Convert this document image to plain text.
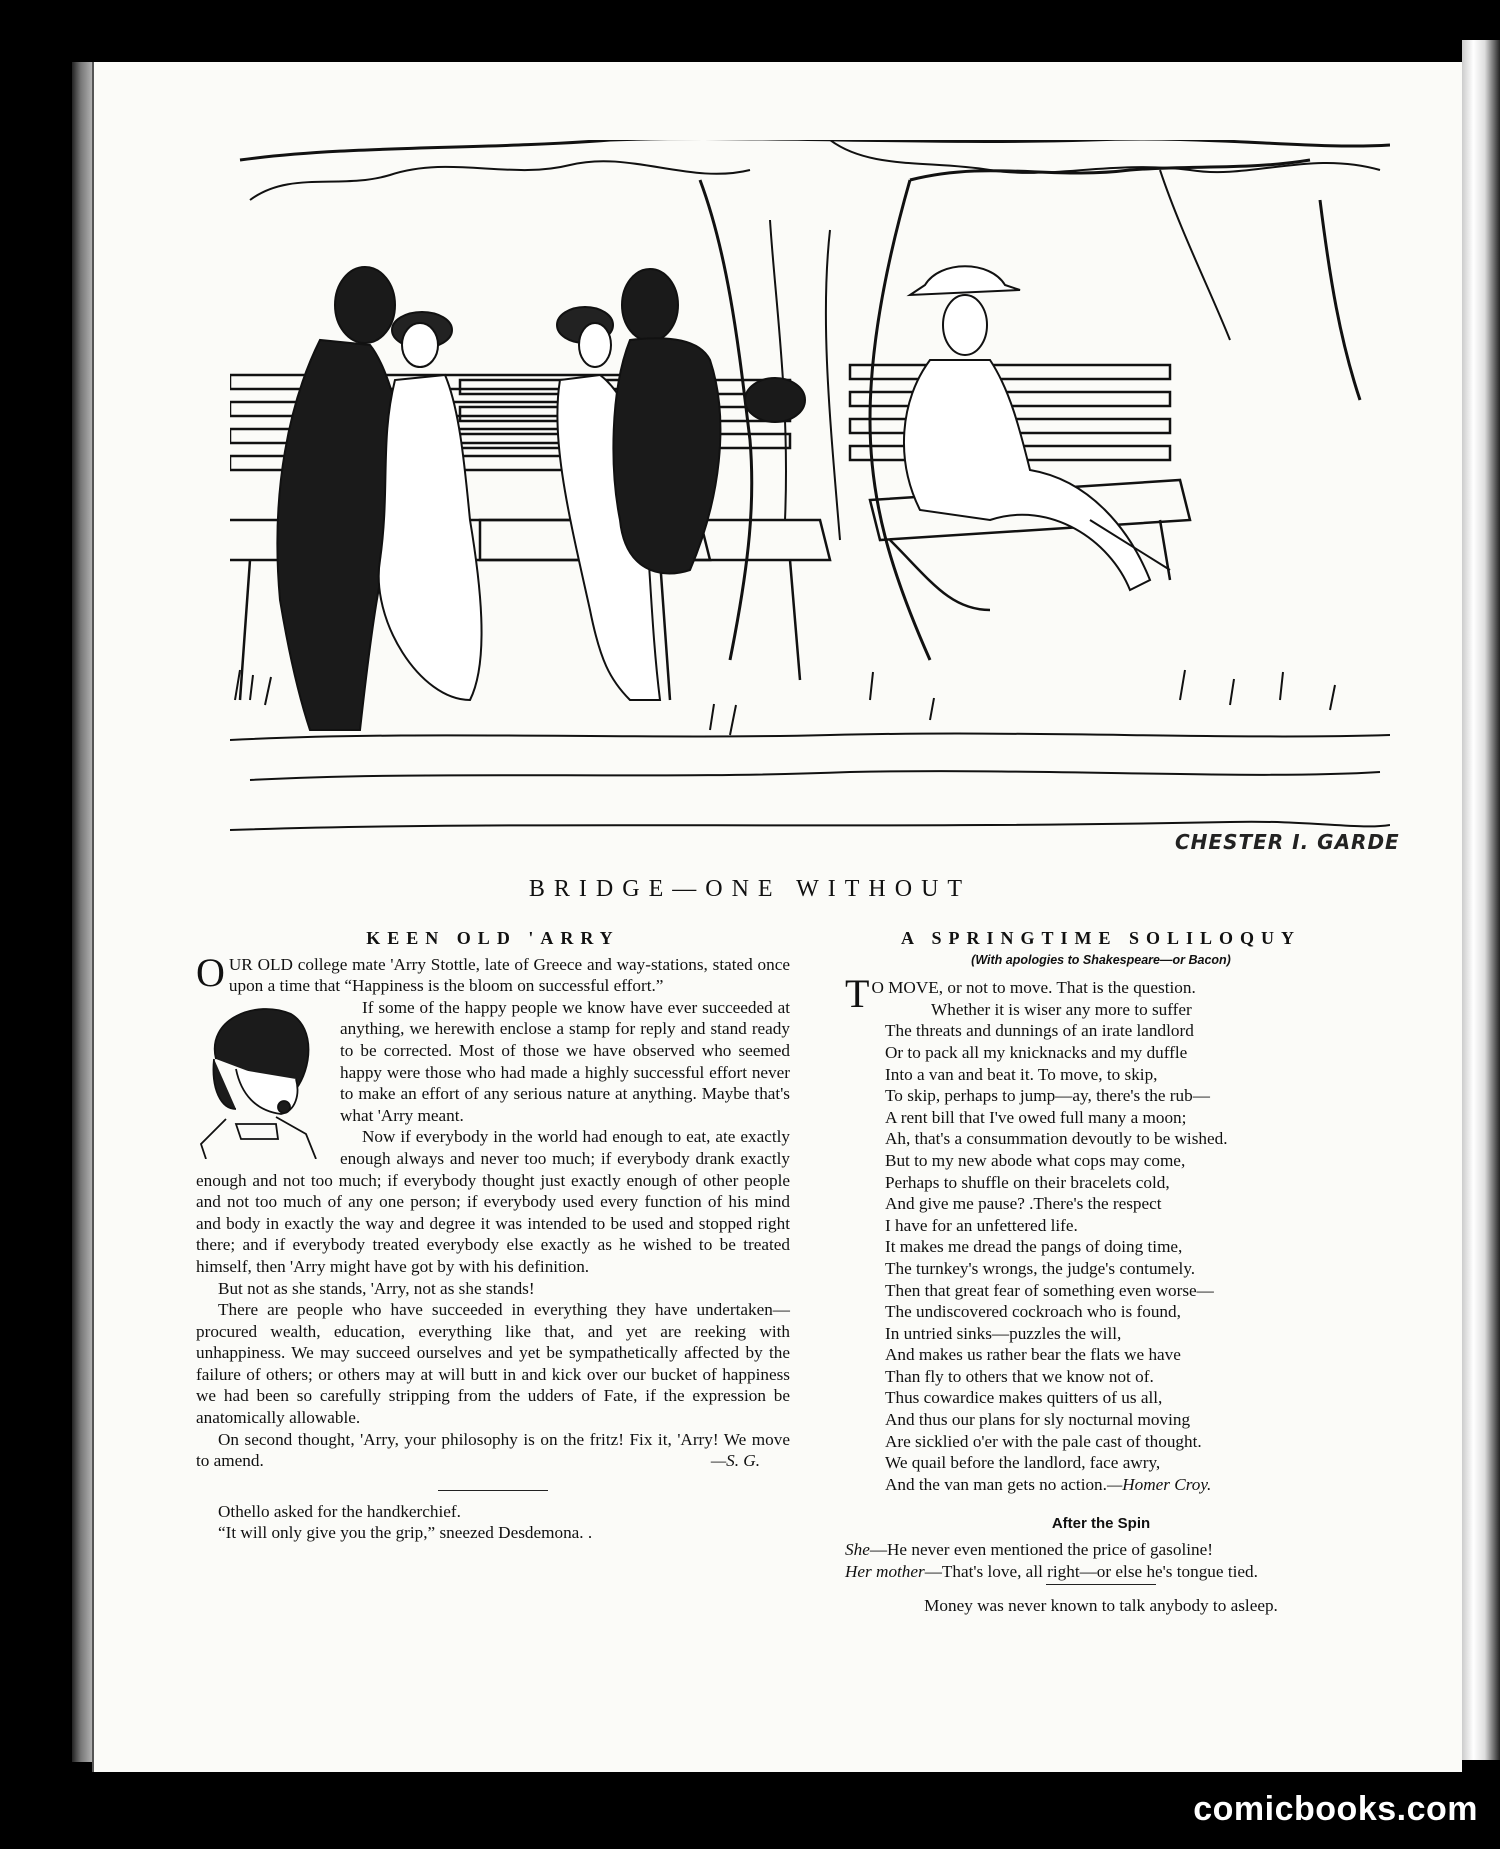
CHESTER I. GARDE
BRIDGE—ONE WITHOUT
KEEN OLD 'ARRY

OUR OLD college mate 'Arry Stottle, late of Greece and way-stations, stated once upon a time that “Happiness is the bloom on successful effort.”

If some of the happy people we know have ever succeeded at anything, we herewith enclose a stamp for reply and stand ready to be corrected. Most of those we have observed who seemed happy were those who had made a highly successful effort never to make an effort of any serious nature at anything. Maybe that's what 'Arry meant.

Now if everybody in the world had enough to eat, ate exactly enough always and never too much; if everybody drank exactly enough and not too much; if everybody thought just exactly enough of other people and not too much of any one person; if everybody used every function of his mind and body in exactly the way and degree it was intended to be used and stopped right there; and if everybody treated everybody else exactly as he wished to be treated himself, then 'Arry might have got by with his definition.

But not as she stands, 'Arry, not as she stands!

There are people who have succeeded in everything they have undertaken—procured wealth, education, everything like that, and yet are reeking with unhappiness. We may succeed ourselves and yet be sympathetically affected by the failure of others; or others may at will butt in and kick over our bucket of happiness we had been so carefully stripping from the udders of Fate, if the expression be anatomically allowable.

On second thought, 'Arry, your philosophy is on the fritz! Fix it, 'Arry! We move to amend.	—S. G.

Othello asked for the handkerchief.

“It will only give you the grip,” sneezed Desdemona. .

A SPRINGTIME SOLILOQUY
(With apologies to Shakespeare—or Bacon)
T O MOVE, or not to move. That is the question.
Whether it is wiser any more to suffer
The threats and dunnings of an irate landlord
Or to pack all my knicknacks and my duffle
Into a van and beat it. To move, to skip,
To skip, perhaps to jump—ay, there's the rub—
A rent bill that I've owed full many a moon;
Ah, that's a consummation devoutly to be wished.
But to my new abode what cops may come,
Perhaps to shuffle on their bracelets cold,
And give me pause? .There's the respect
I have for an unfettered life.
It makes me dread the pangs of doing time,
The turnkey's wrongs, the judge's contumely.
Then that great fear of something even worse—
The undiscovered cockroach who is found,
In untried sinks—puzzles the will,
And makes us rather bear the flats we have
Than fly to others that we know not of.
Thus cowardice makes quitters of us all,
And thus our plans for sly nocturnal moving
Are sicklied o'er with the pale cast of thought.
We quail before the landlord, face awry,
And the van man gets no action.—Homer Croy.
After the Spin

She—He never even mentioned the price of gasoline!

Her mother—That's love, all right—or else he's tongue tied.

Money was never known to talk anybody to asleep.

comicbooks.com
